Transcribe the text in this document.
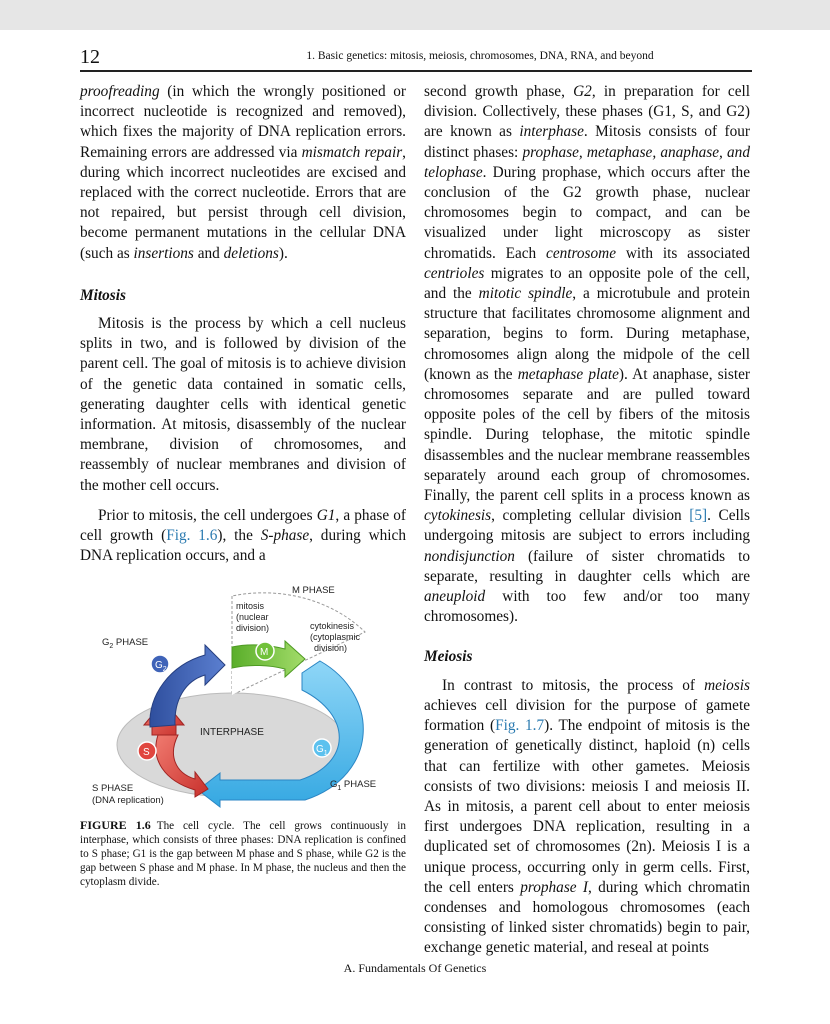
12	1. Basic genetics: mitosis, meiosis, chromosomes, DNA, RNA, and beyond

proofreading (in which the wrongly positioned or incorrect nucleotide is recognized and removed), which fixes the majority of DNA replication errors. Remaining errors are addressed via mismatch repair, during which incorrect nucleotides are excised and replaced with the correct nucleotide. Errors that are not repaired, but persist through cell division, become permanent mutations in the cellular DNA (such as insertions and deletions).

Mitosis

Mitosis is the process by which a cell nucleus splits in two, and is followed by division of the parent cell. The goal of mitosis is to achieve division of the genetic data contained in somatic cells, generating daughter cells with identical genetic information. At mitosis, disassembly of the nuclear membrane, division of chromosomes, and reassembly of nuclear membranes and division of the mother cell occurs.

Prior to mitosis, the cell undergoes G1, a phase of cell growth (Fig. 1.6), the S-phase, during which DNA replication occurs, and a

$G_2$
M
S	$G_1$
M PHASE
mitosis (nuclear division)	cytokinesis (cytoplasmic division)
$G_2$ PHASE
INTERPHASE
$G_1$ PHASE
S PHASE
(DNA replication)
FIGURE 1.6 The cell cycle. The cell grows continuously in interphase, which consists of three phases: DNA replication is confined to S phase; G1 is the gap between M phase and S phase, while G2 is the gap between S phase and M phase. In M phase, the nucleus and then the cytoplasm divide.

second growth phase, G2, in preparation for cell division. Collectively, these phases (G1, S, and G2) are known as interphase. Mitosis consists of four distinct phases: prophase, metaphase, anaphase, and telophase. During prophase, which occurs after the conclusion of the G2 growth phase, nuclear chromosomes begin to compact, and can be visualized under light microscopy as sister chromatids. Each centrosome with its associated centrioles migrates to an opposite pole of the cell, and the mitotic spindle, a microtubule and protein structure that facilitates chromosome alignment and separation, begins to form. During metaphase, chromosomes align along the midpole of the cell (known as the metaphase plate). At anaphase, sister chromosomes separate and are pulled toward opposite poles of the cell by fibers of the mitosis spindle. During telophase, the mitotic spindle disassembles and the nuclear membrane reassembles separately around each group of chromosomes. Finally, the parent cell splits in a process known as cytokinesis, completing cellular division [5]. Cells undergoing mitosis are subject to errors including nondisjunction (failure of sister chromatids to separate, resulting in daughter cells which are aneuploid with too few and/or too many chromosomes).

Meiosis

In contrast to mitosis, the process of meiosis achieves cell division for the purpose of gamete formation (Fig. 1.7). The endpoint of mitosis is the generation of genetically distinct, haploid (n) cells that can fertilize with other gametes. Meiosis consists of two divisions: meiosis I and meiosis II. As in mitosis, a parent cell about to enter meiosis first undergoes DNA replication, resulting in a duplicated set of chromosomes (2n). Meiosis I is a unique process, occurring only in germ cells. First, the cell enters prophase I, during which chromatin condenses and homologous chromosomes (each consisting of linked sister chromatids) begin to pair, exchange genetic material, and reseal at points

A. Fundamentals Of Genetics
